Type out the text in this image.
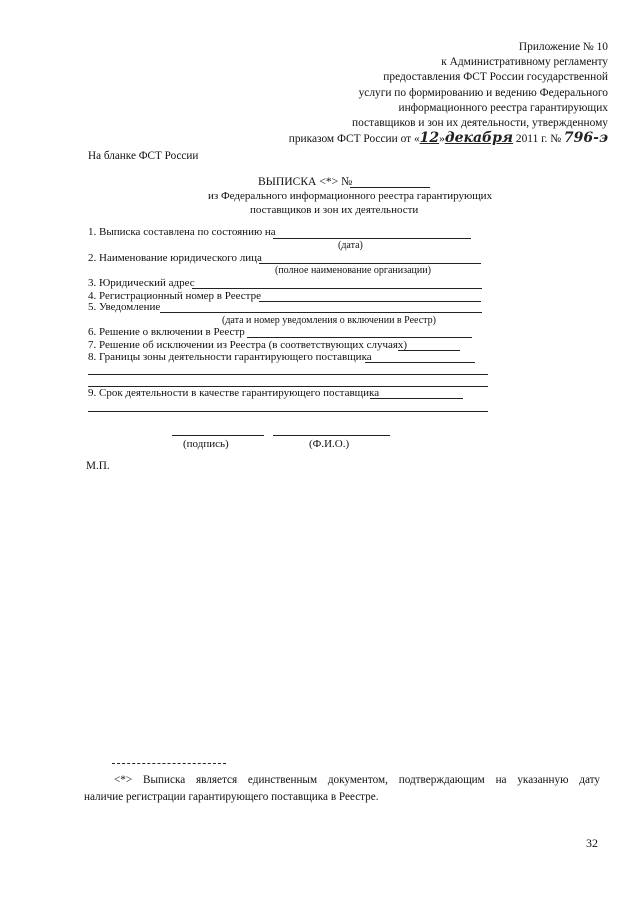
Приложение № 10
к Административному регламенту
предоставления ФСТ России государственной
услуги по формированию и ведению Федерального
информационного реестра гарантирующих
поставщиков и зон их деятельности, утвержденному
приказом ФСТ России от «12»декабря 2011 г. № 796-э
На бланке ФСТ России
ВЫПИСКА <*> №
из Федерального информационного реестра гарантирующих
поставщиков и зон их деятельности
1. Выписка составлена по состоянию на
(дата)
2. Наименование юридического лица
(полное наименование организации)
3. Юридический адрес
4. Регистрационный номер в Реестре
5. Уведомление
(дата и номер уведомления о включении в Реестр)
6. Решение о включении в Реестр
7. Решение об исключении из Реестра (в соответствующих случаях)
8. Границы зоны деятельности гарантирующего поставщика
9. Срок деятельности в качестве гарантирующего поставщика
(подпись)	(Ф.И.О.)
М.П.
<*> Выписка является единственным документом, подтверждающим на указанную дату
наличие регистрации гарантирующего поставщика в Реестре.
32
